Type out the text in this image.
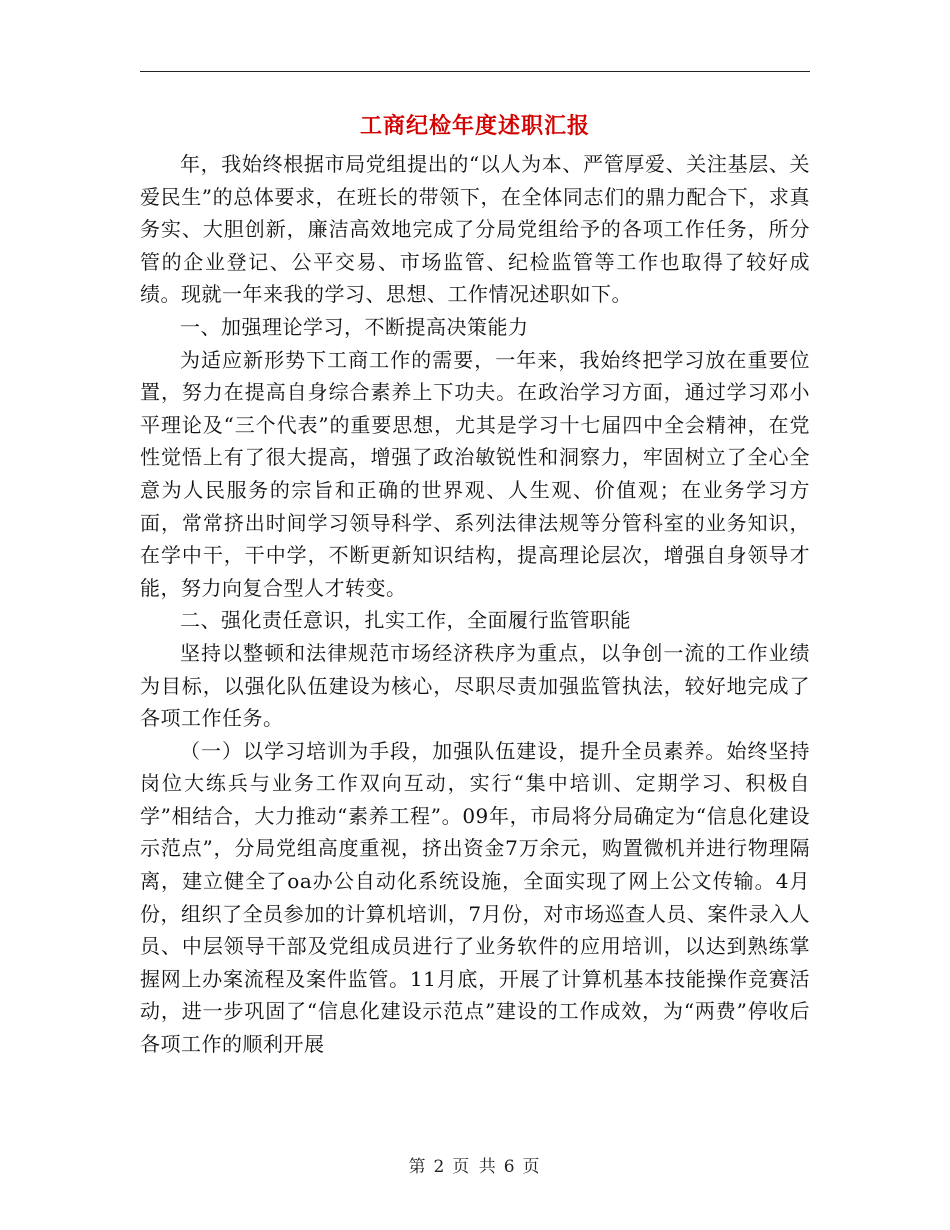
工商纪检年度述职汇报

年，我始终根据市局党组提出的“以人为本、严管厚爱、关注基层、关爱民生”的总体要求，在班长的带领下，在全体同志们的鼎力配合下，求真务实、大胆创新，廉洁高效地完成了分局党组给予的各项工作任务，所分管的企业登记、公平交易、市场监管、纪检监管等工作也取得了较好成绩。现就一年来我的学习、思想、工作情况述职如下。

一、加强理论学习，不断提高决策能力

为适应新形势下工商工作的需要，一年来，我始终把学习放在重要位置，努力在提高自身综合素养上下功夫。在政治学习方面，通过学习邓小平理论及“三个代表”的重要思想，尤其是学习十七届四中全会精神，在党性觉悟上有了很大提高，增强了政治敏锐性和洞察力，牢固树立了全心全意为人民服务的宗旨和正确的世界观、人生观、价值观；在业务学习方面，常常挤出时间学习领导科学、系列法律法规等分管科室的业务知识，在学中干，干中学，不断更新知识结构，提高理论层次，增强自身领导才能，努力向复合型人才转变。

二、强化责任意识，扎实工作，全面履行监管职能

坚持以整顿和法律规范市场经济秩序为重点，以争创一流的工作业绩为目标，以强化队伍建设为核心，尽职尽责加强监管执法，较好地完成了各项工作任务。

（一）以学习培训为手段，加强队伍建设，提升全员素养。始终坚持岗位大练兵与业务工作双向互动，实行“集中培训、定期学习、积极自学”相结合，大力推动“素养工程”。09年，市局将分局确定为“信息化建设示范点”，分局党组高度重视，挤出资金7万余元，购置微机并进行物理隔离，建立健全了oa办公自动化系统设施，全面实现了网上公文传输。4月份，组织了全员参加的计算机培训，7月份，对市场巡查人员、案件录入人员、中层领导干部及党组成员进行了业务软件的应用培训，以达到熟练掌握网上办案流程及案件监管。11月底，开展了计算机基本技能操作竞赛活动，进一步巩固了“信息化建设示范点”建设的工作成效，为“两费”停收后各项工作的顺利开展

第 2 页 共 6 页
